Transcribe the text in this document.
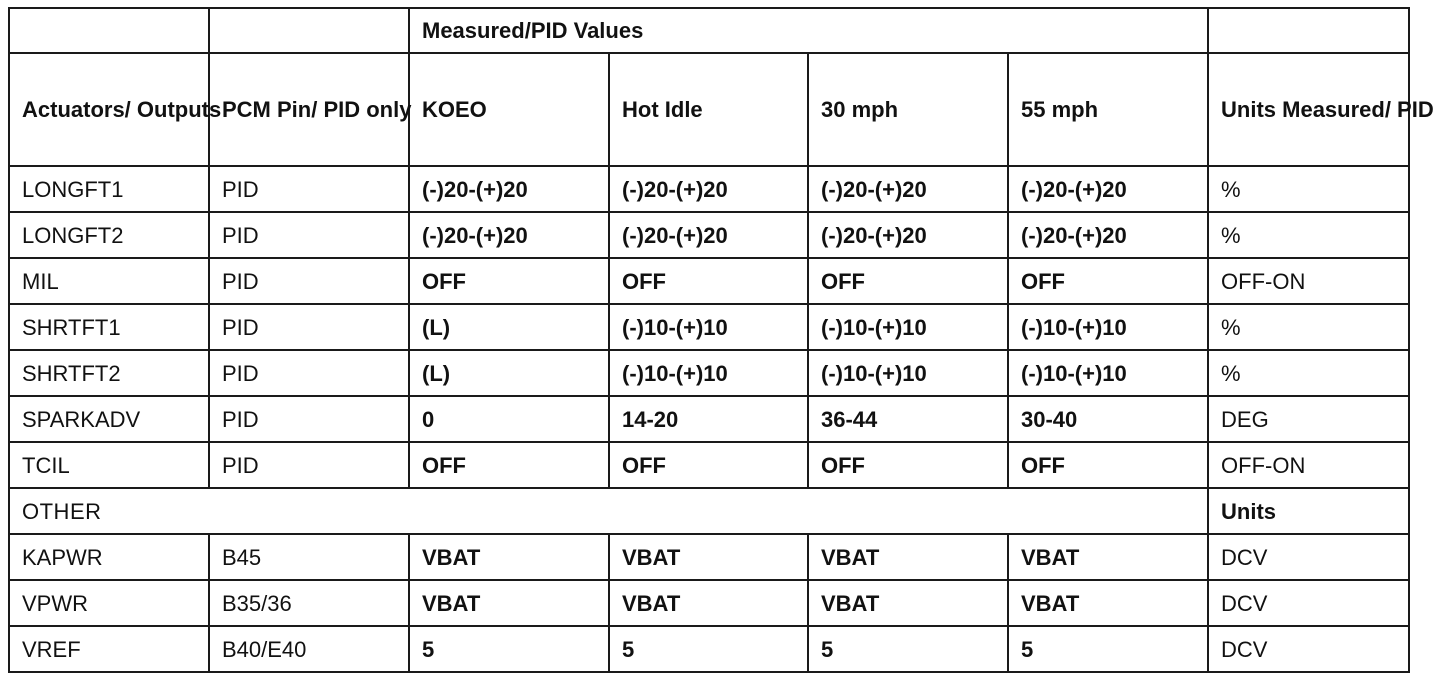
		Measured/PID Values				
Actuators/ Outputs	PCM Pin/ PID only	KOEO	Hot Idle	30 mph	55 mph	Units Measured/ PID
LONGFT1	PID	(-)20-(+)20	(-)20-(+)20	(-)20-(+)20	(-)20-(+)20	%
LONGFT2	PID	(-)20-(+)20	(-)20-(+)20	(-)20-(+)20	(-)20-(+)20	%
MIL	PID	OFF	OFF	OFF	OFF	OFF-ON
SHRTFT1	PID	(L)	(-)10-(+)10	(-)10-(+)10	(-)10-(+)10	%
SHRTFT2	PID	(L)	(-)10-(+)10	(-)10-(+)10	(-)10-(+)10	%
SPARKADV	PID	0	14-20	36-44	30-40	DEG
TCIL	PID	OFF	OFF	OFF	OFF	OFF-ON
OTHER						Units
KAPWR	B45	VBAT	VBAT	VBAT	VBAT	DCV
VPWR	B35/36	VBAT	VBAT	VBAT	VBAT	DCV
VREF	B40/E40	5	5	5	5	DCV
